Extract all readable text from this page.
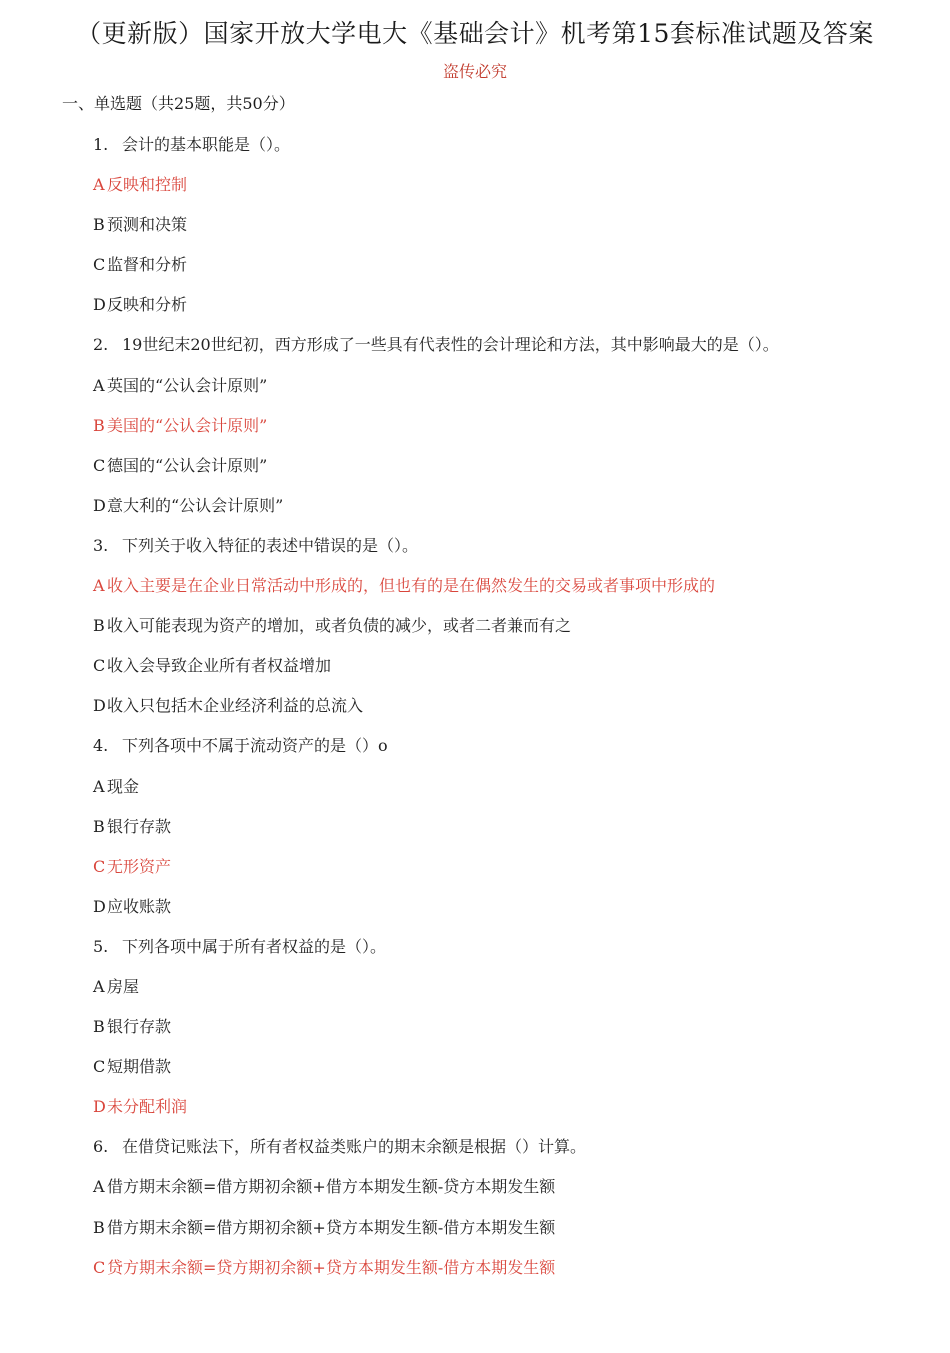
（更新版）国家开放大学电大《基础会计》机考第15套标准试题及答案
盗传必究
一、单选题（共25题，共50分）
1. 会计的基本职能是（）。
A 反映和控制
B 预测和决策
C 监督和分析
D反映和分析
2. 19世纪末20世纪初，西方形成了一些具有代表性的会计理论和方法，其中影响最大的是（）。
A 英国的“公认会计原则”
B 美国的“公认会计原则”
C 德国的“公认会计原则”
D意大利的“公认会计原则”
3. 下列关于收入特征的表述中错误的是（）。
A 收入主要是在企业日常活动中形成的，但也有的是在偶然发生的交易或者事项中形成的
B 收入可能表现为资产的增加，或者负债的减少，或者二者兼而有之
C 收入会导致企业所有者权益增加
D收入只包括木企业经济利益的总流入
4. 下列各项中不属于流动资产的是（）o
A 现金
B 银行存款
C 无形资产
D应收账款
5. 下列各项中属于所有者权益的是（）。
A 房屋
B 银行存款
C 短期借款
D未分配利润
6. 在借贷记账法下，所有者权益类账户的期末余额是根据（）计算。
A 借方期末余额=借方期初余额+借方本期发生额-贷方本期发生额
B 借方期末余额=借方期初余额+贷方本期发生额-借方本期发生额
C 贷方期末余额=贷方期初余额+贷方本期发生额-借方本期发生额
